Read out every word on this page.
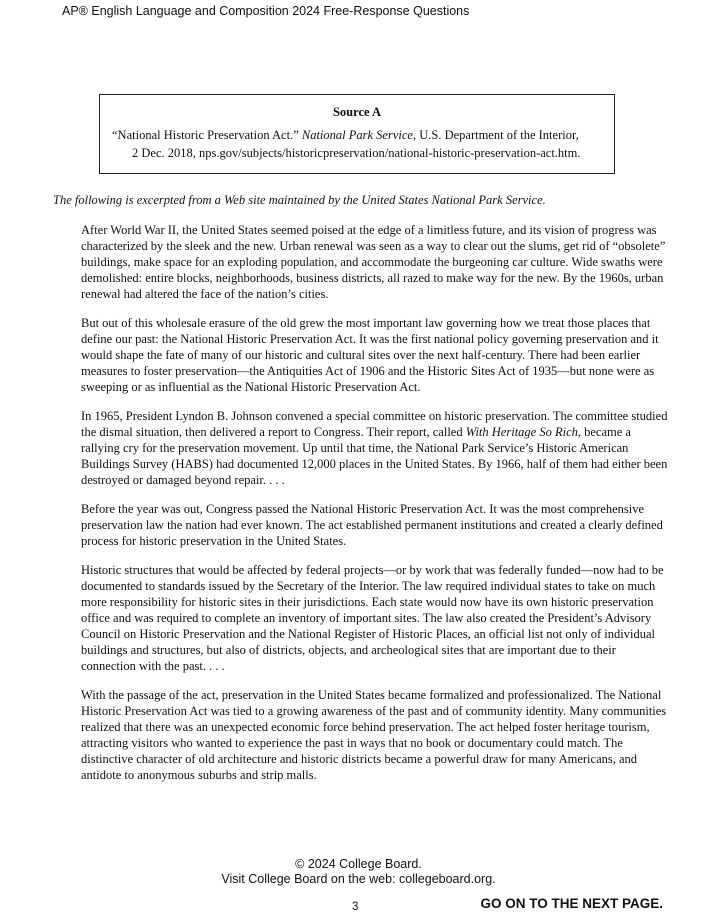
AP® English Language and Composition 2024 Free-Response Questions
Source A
“National Historic Preservation Act.” National Park Service, U.S. Department of the Interior,
2 Dec. 2018, nps.gov/subjects/historicpreservation/national-historic-preservation-act.htm.
The following is excerpted from a Web site maintained by the United States National Park Service.

After World War II, the United States seemed poised at the edge of a limitless future, and its vision of progress was characterized by the sleek and the new. Urban renewal was seen as a way to clear out the slums, get rid of “obsolete” buildings, make space for an exploding population, and accommodate the burgeoning car culture. Wide swaths were demolished: entire blocks, neighborhoods, business districts, all razed to make way for the new. By the 1960s, urban renewal had altered the face of the nation’s cities.

But out of this wholesale erasure of the old grew the most important law governing how we treat those places that define our past: the National Historic Preservation Act. It was the first national policy governing preservation and it would shape the fate of many of our historic and cultural sites over the next half-century. There had been earlier measures to foster preservation—the Antiquities Act of 1906 and the Historic Sites Act of 1935—but none were as sweeping or as influential as the National Historic Preservation Act.

In 1965, President Lyndon B. Johnson convened a special committee on historic preservation. The committee studied the dismal situation, then delivered a report to Congress. Their report, called With Heritage So Rich, became a rallying cry for the preservation movement. Up until that time, the National Park Service’s Historic American Buildings Survey (HABS) had documented 12,000 places in the United States. By 1966, half of them had either been destroyed or damaged beyond repair. . . .

Before the year was out, Congress passed the National Historic Preservation Act. It was the most comprehensive preservation law the nation had ever known. The act established permanent institutions and created a clearly defined process for historic preservation in the United States.

Historic structures that would be affected by federal projects—or by work that was federally funded—now had to be documented to standards issued by the Secretary of the Interior. The law required individual states to take on much more responsibility for historic sites in their jurisdictions. Each state would now have its own historic preservation office and was required to complete an inventory of important sites. The law also created the President’s Advisory Council on Historic Preservation and the National Register of Historic Places, an official list not only of individual buildings and structures, but also of districts, objects, and archeological sites that are important due to their connection with the past. . . .

With the passage of the act, preservation in the United States became formalized and professionalized. The National Historic Preservation Act was tied to a growing awareness of the past and of community identity. Many communities realized that there was an unexpected economic force behind preservation. The act helped foster heritage tourism, attracting visitors who wanted to experience the past in ways that no book or documentary could match. The distinctive character of old architecture and historic districts became a powerful draw for many Americans, and antidote to anonymous suburbs and strip malls.

© 2024 College Board.
Visit College Board on the web: collegeboard.org.
3	GO ON TO THE NEXT PAGE.
